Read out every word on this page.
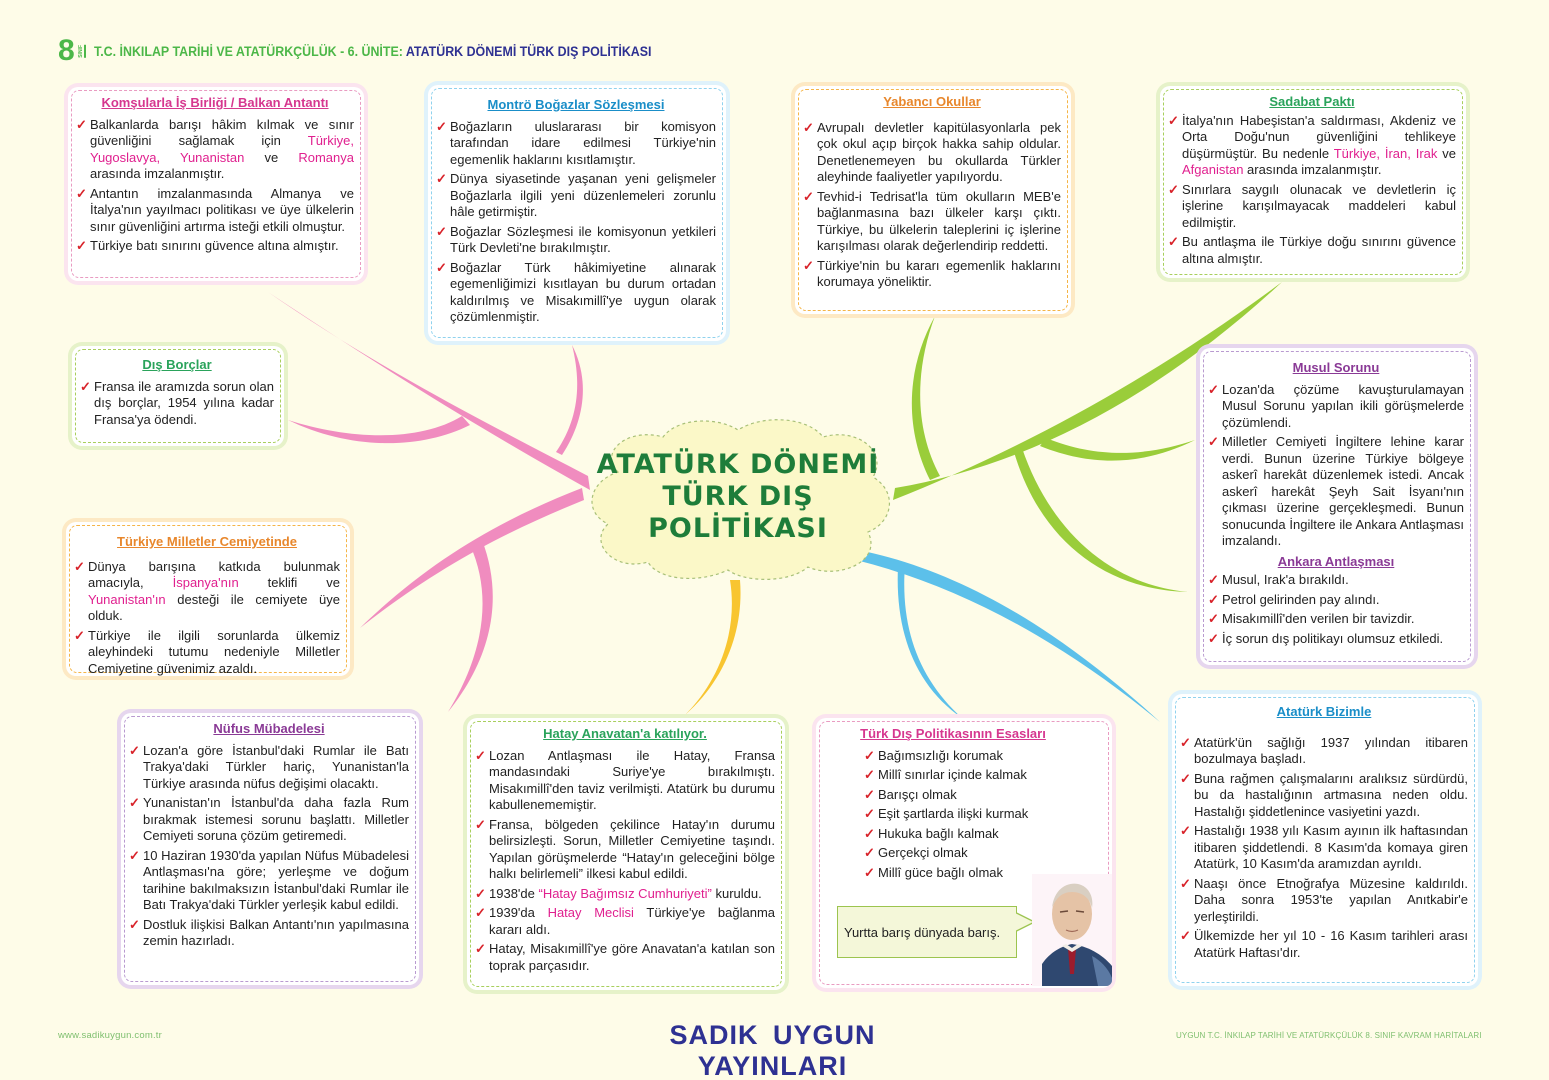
8 SINIF T.C. İNKILAP TARİHİ VE ATATÜRKÇÜLÜK - 6. ÜNİTE: ATATÜRK DÖNEMİ TÜRK DIŞ POLİTİKASI
ATATÜRK DÖNEMİ
TÜRK DIŞ
POLİTİKASI
Komşularla İş Birliği / Balkan Antantı
✓ Balkanlarda barışı hâkim kılmak ve sınır güvenliğini sağlamak için Türkiye, Yugoslavya, Yunanistan ve Romanya arasında imzalanmıştır.
✓ Antantın imzalanmasında Almanya ve İtalya'nın yayılmacı politikası ve üye ülkelerin sınır güvenliğini artırma isteği etkili olmuştur.
✓ Türkiye batı sınırını güvence altına almıştır.
Montrö Boğazlar Sözleşmesi
✓ Boğazların uluslararası bir komisyon tarafından idare edilmesi Türkiye'nin egemenlik haklarını kısıtlamıştır.
✓ Dünya siyasetinde yaşanan yeni gelişmeler Boğazlarla ilgili yeni düzenlemeleri zorunlu hâle getirmiştir.
✓ Boğazlar Sözleşmesi ile komisyonun yetkileri Türk Devleti'ne bırakılmıştır.
✓ Boğazlar Türk hâkimiyetine alınarak egemenliğimizi kısıtlayan bu durum ortadan kaldırılmış ve Misakımillî'ye uygun olarak çözümlenmiştir.
Yabancı Okullar
✓ Avrupalı devletler kapitülasyonlarla pek çok okul açıp birçok hakka sahip oldular. Denetlenemeyen bu okullarda Türkler aleyhinde faaliyetler yapılıyordu.
✓ Tevhid-i Tedrisat'la tüm okulların MEB'e bağlanmasına bazı ülkeler karşı çıktı. Türkiye, bu ülkelerin taleplerini iç işlerine karışılması olarak değerlendirip reddetti.
✓ Türkiye'nin bu kararı egemenlik haklarını korumaya yöneliktir.
Sadabat Paktı
✓ İtalya'nın Habeşistan'a saldırması, Akdeniz ve Orta Doğu'nun güvenliğini tehlikeye düşürmüştür. Bu nedenle Türkiye, İran, Irak ve Afganistan arasında imzalanmıştır.
✓ Sınırlara saygılı olunacak ve devletlerin iç işlerine karışılmayacak maddeleri kabul edilmiştir.
✓ Bu antlaşma ile Türkiye doğu sınırını güvence altına almıştır.
Dış Borçlar
✓ Fransa ile aramızda sorun olan dış borçlar, 1954 yılına kadar Fransa'ya ödendi.
Musul Sorunu
✓ Lozan'da çözüme kavuşturulamayan Musul Sorunu yapılan ikili görüşmelerde çözümlendi.
✓ Milletler Cemiyeti İngiltere lehine karar verdi. Bunun üzerine Türkiye bölgeye askerî harekât düzenlemek istedi. Ancak askerî harekât Şeyh Sait İsyanı'nın çıkması üzerine gerçekleşmedi. Bunun sonucunda İngiltere ile Ankara Antlaşması imzalandı.
Ankara Antlaşması
✓ Musul, Irak'a bırakıldı.
✓ Petrol gelirinden pay alındı.
✓ Misakımillî'den verilen bir tavizdir.
✓ İç sorun dış politikayı olumsuz etkiledi.
Türkiye Milletler Cemiyetinde
✓ Dünya barışına katkıda bulunmak amacıyla, İspanya'nın teklifi ve Yunanistan'ın desteği ile cemiyete üye olduk.
✓ Türkiye ile ilgili sorunlarda ülkemiz aleyhindeki tutumu nedeniyle Milletler Cemiyetine güvenimiz azaldı.
Nüfus Mübadelesi
✓ Lozan'a göre İstanbul'daki Rumlar ile Batı Trakya'daki Türkler hariç, Yunanistan'la Türkiye arasında nüfus değişimi olacaktı.
✓ Yunanistan'ın İstanbul'da daha fazla Rum bırakmak istemesi sorunu başlattı. Milletler Cemiyeti soruna çözüm getiremedi.
✓ 10 Haziran 1930'da yapılan Nüfus Mübadelesi Antlaşması'na göre; yerleşme ve doğum tarihine bakılmaksızın İstanbul'daki Rumlar ile Batı Trakya'daki Türkler yerleşik kabul edildi.
✓ Dostluk ilişkisi Balkan Antantı'nın yapılmasına zemin hazırladı.
Hatay Anavatan'a katılıyor.
✓ Lozan Antlaşması ile Hatay, Fransa mandasındaki Suriye'ye bırakılmıştı. Misakımillî'den taviz verilmişti. Atatürk bu durumu kabullenememiştir.
✓ Fransa, bölgeden çekilince Hatay'ın durumu belirsizleşti. Sorun, Milletler Cemiyetine taşındı. Yapılan görüşmelerde “Hatay'ın geleceğini bölge halkı belirlemeli” ilkesi kabul edildi.
✓ 1938'de “Hatay Bağımsız Cumhuriyeti” kuruldu.
✓ 1939'da Hatay Meclisi Türkiye'ye bağlanma kararı aldı.
✓ Hatay, Misakımillî'ye göre Anavatan'a katılan son toprak parçasıdır.
Türk Dış Politikasının Esasları
✓ Bağımsızlığı korumak
✓ Millî sınırlar içinde kalmak
✓ Barışçı olmak
✓ Eşit şartlarda ilişki kurmak
✓ Hukuka bağlı kalmak
✓ Gerçekçi olmak
✓ Millî güce bağlı olmak
Yurtta barış dünyada barış.
Atatürk Bizimle
✓ Atatürk'ün sağlığı 1937 yılından itibaren bozulmaya başladı.
✓ Buna rağmen çalışmalarını aralıksız sürdürdü, bu da hastalığının artmasına neden oldu. Hastalığı şiddetlenince vasiyetini yazdı.
✓ Hastalığı 1938 yılı Kasım ayının ilk haftasından itibaren şiddetlendi. 8 Kasım'da komaya giren Atatürk, 10 Kasım'da aramızdan ayrıldı.
✓ Naaşı önce Etnoğrafya Müzesine kaldırıldı. Daha sonra 1953'te yapılan Anıtkabir'e yerleştirildi.
✓ Ülkemizde her yıl 10 - 16 Kasım tarihleri arası Atatürk Haftası'dır.
www.sadikuygun.com.tr	SADIK UYGUN YAYINLARI
UYGUN T.C. İNKILAP TARİHİ VE ATATÜRKÇÜLÜK 8. SINIF KAVRAM HARİTALARI
